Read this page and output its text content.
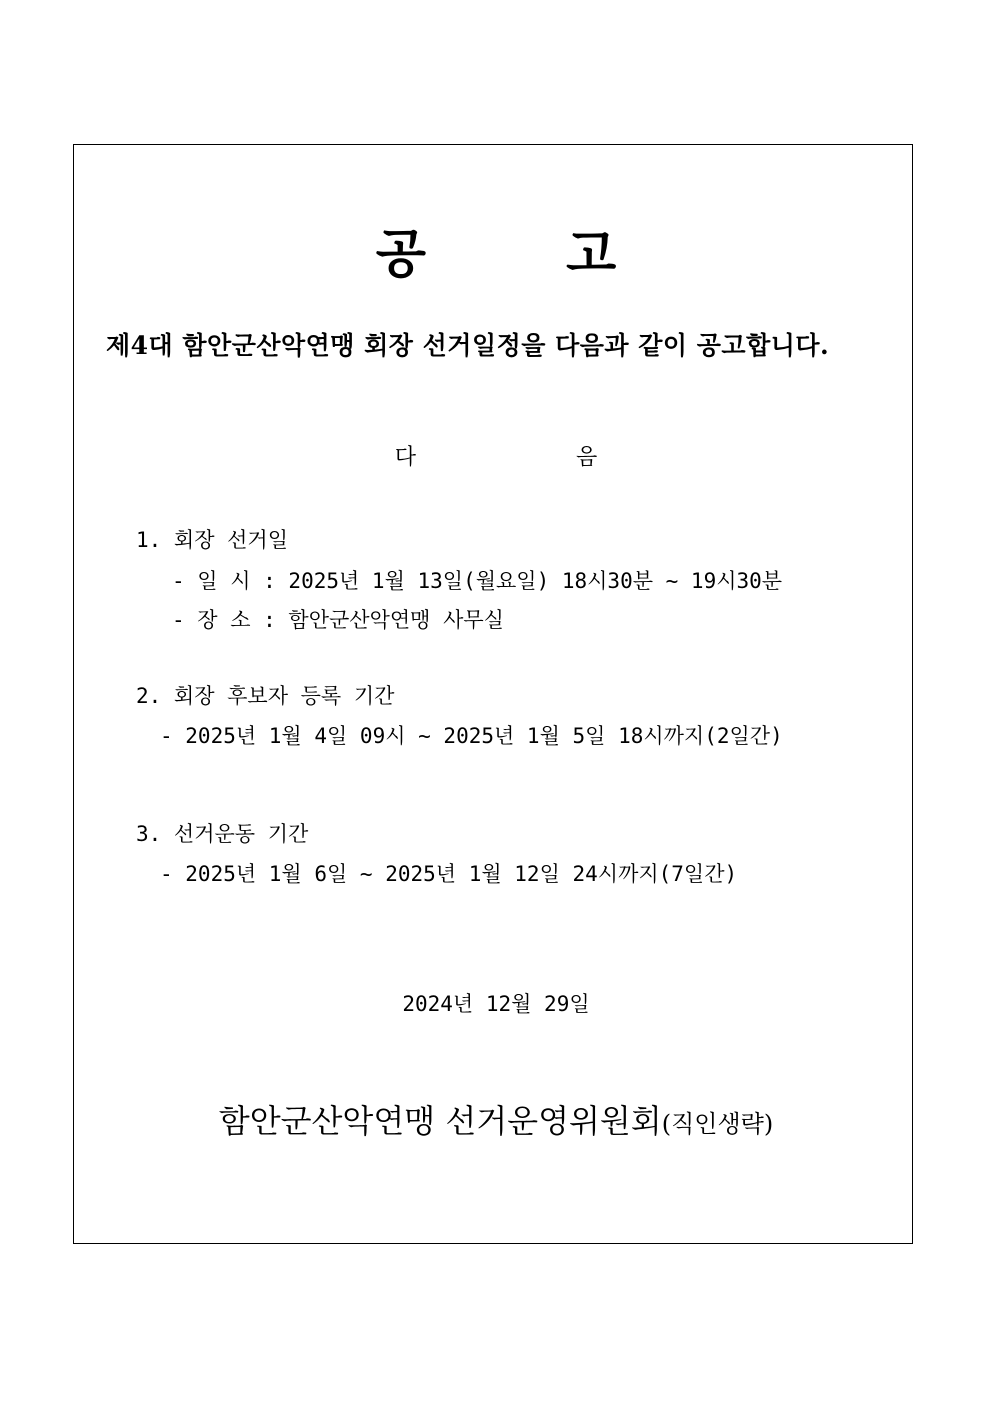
공	고
제4대 함안군산악연맹 회장 선거일정을 다음과 같이 공고합니다.
다	음
1. 회장 선거일
- 일 시 : 2025년 1월 13일(월요일) 18시30분 ~ 19시30분
- 장 소 : 함안군산악연맹 사무실
2. 회장 후보자 등록 기간
- 2025년 1월 4일 09시 ~ 2025년 1월 5일 18시까지(2일간)
3. 선거운동 기간
- 2025년 1월 6일 ~ 2025년 1월 12일 24시까지(7일간)
2024년 12월 29일
함안군산악연맹 선거운영위원회(직인생략)
